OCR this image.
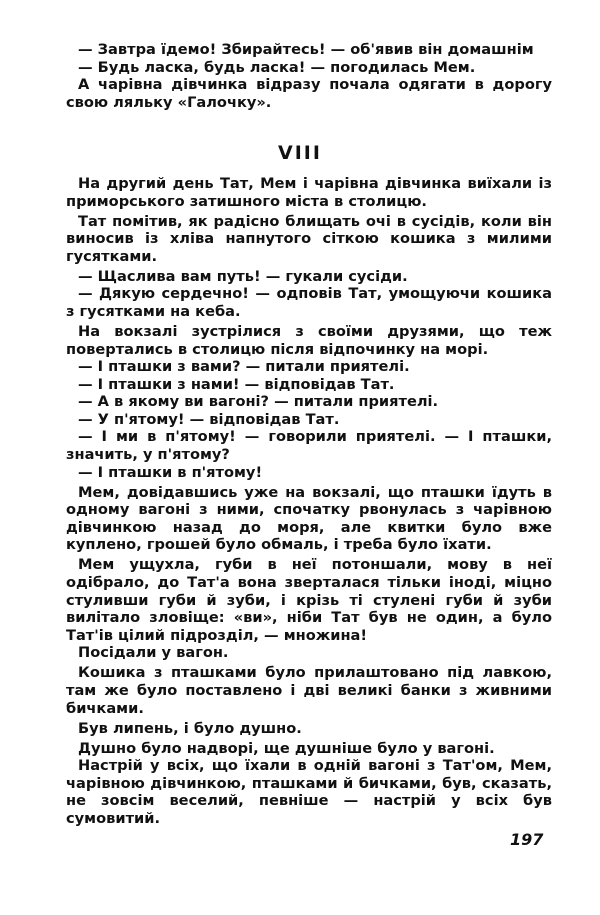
— Завтра їдемо! Збирайтесь! — об'явив він домашнім

— Будь ласка, будь ласка! — погодилась Мем.

А чарівна дівчинка відразу почала одягати в дорогу свою ляльку «Галочку».

VIII

На другий день Тат, Мем і чарівна дівчинка виїхали із приморського затишного міста в столицю.

Тат помітив, як радісно блищать очі в сусідів, коли він виносив із хліва напнутого сіткою кошика з милими гусятками.

— Щаслива вам путь! — гукали сусіди.

— Дякую сердечно! — одповів Тат, умощуючи кошика з гусятками на кеба.

На вокзалі зустрілися з своїми друзями, що теж повертались в столицю після відпочинку на морі.

— І пташки з вами? — питали приятелі.

— І пташки з нами! — відповідав Тат.

— А в якому ви вагоні? — питали приятелі.

— У п'ятому! — відповідав Тат.

— І ми в п'ятому! — говорили приятелі. — І пташки, значить, у п'ятому?

— І пташки в п'ятому!

Мем, довідавшись уже на вокзалі, що пташки їдуть в одному вагоні з ними, спочатку рвонулась з чарівною дівчинкою назад до моря, але квитки було вже куплено, грошей було обмаль, і треба було їхати.

Мем ущухла, губи в неї потоншали, мову в неї одібрало, до Тат'а вона зверталася тільки іноді, міцно стуливши губи й зуби, і крізь ті стулені губи й зуби вилітало зловіще: «ви», ніби Тат був не один, а було Тат'ів цілий підрозділ, — множина!

Посідали у вагон.

Кошика з пташками було прилаштовано під лавкою, там же було поставлено і дві великі банки з живними бичками.

Був липень, і було душно.

Душно було надворі, ще душніше було у вагоні.

Настрій у всіх, що їхали в одній вагоні з Тат'ом, Мем, чарівною дівчинкою, пташками й бичками, був, сказать, не зовсім веселий, певніше — настрій у всіх був сумовитий.

197
